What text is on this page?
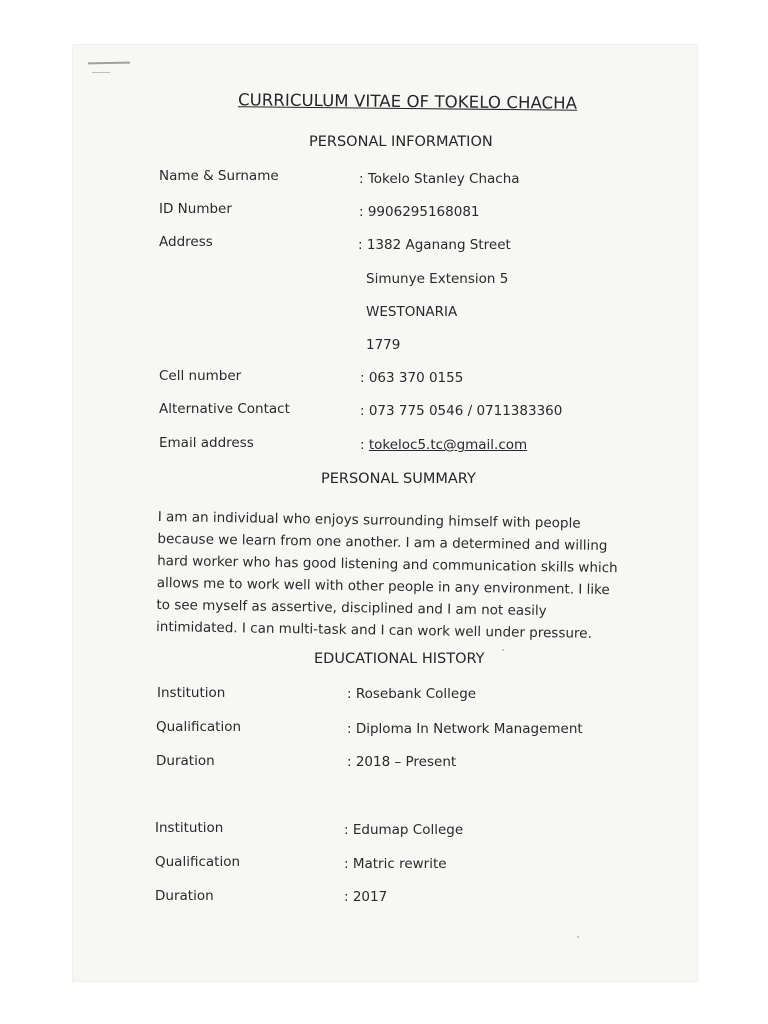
CURRICULUM VITAE OF TOKELO CHACHA
PERSONAL INFORMATION
Name & Surname	: Tokelo Stanley Chacha
ID Number	: 9906295168081
Address	: 1382 Aganang Street
Simunye Extension 5
WESTONARIA
1779
Cell number	: 063 370 0155
Alternative Contact	: 073 775 0546 / 0711383360
Email address	: tokeloc5.tc@gmail.com
PERSONAL SUMMARY
I am an individual who enjoys surrounding himself with people because we learn from one another. I am a determined and willing hard worker who has good listening and communication skills which allows me to work well with other people in any environment. I like to see myself as assertive, disciplined and I am not easily intimidated. I can multi-task and I can work well under pressure.
EDUCATIONAL HISTORY
Institution	: Rosebank College
Qualification	: Diploma In Network Management
Duration	: 2018 – Present
Institution	: Edumap College
Qualification	: Matric rewrite
Duration	: 2017
